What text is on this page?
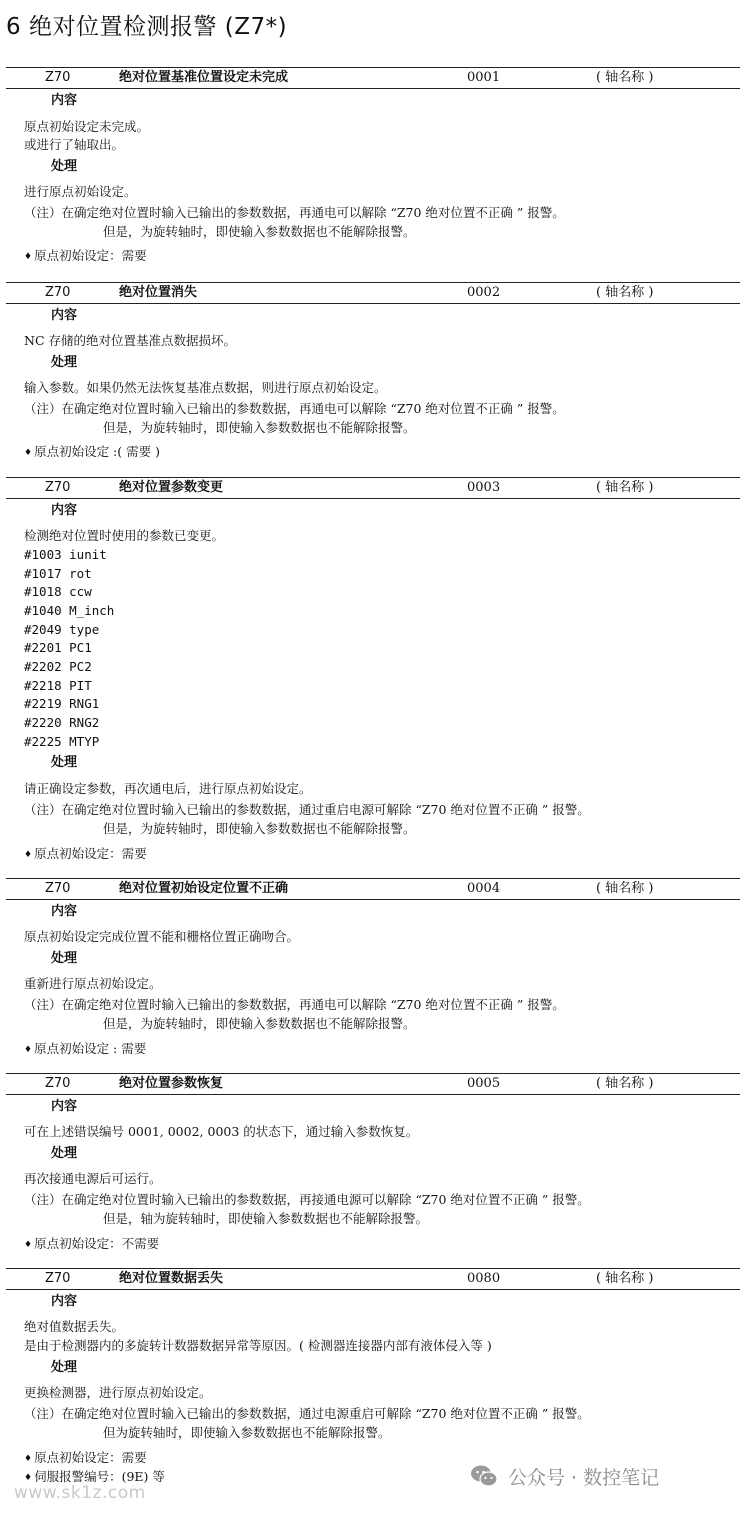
6 绝对位置检测报警 (Z7*)
Z70	绝对位置基准位置设定未完成	0001	( 轴名称 )
内容
原点初始设定未完成。
或进行了轴取出。
处理
进行原点初始设定。
（注）在确定绝对位置时输入已输出的参数数据，再通电可以解除 “Z70 绝对位置不正确 ” 报警。
但是，为旋转轴时，即使输入参数数据也不能解除报警。
♦ 原点初始设定：需要
Z70	绝对位置消失	0002	( 轴名称 )
内容
NC 存储的绝对位置基准点数据损坏。
处理
输入参数。如果仍然无法恢复基准点数据，则进行原点初始设定。
（注）在确定绝对位置时输入已输出的参数数据，再通电可以解除 “Z70 绝对位置不正确 ” 报警。
但是，为旋转轴时，即使输入参数数据也不能解除报警。
♦ 原点初始设定 :( 需要 )
Z70	绝对位置参数变更	0003	( 轴名称 )
内容
检测绝对位置时使用的参数已变更。
#1003 iunit
#1017 rot
#1018 ccw
#1040 M_inch
#2049 type
#2201 PC1
#2202 PC2
#2218 PIT
#2219 RNG1
#2220 RNG2
#2225 MTYP
处理
请正确设定参数，再次通电后，进行原点初始设定。
（注）在确定绝对位置时输入已输出的参数数据，通过重启电源可解除 “Z70 绝对位置不正确 ” 报警。
但是，为旋转轴时，即使输入参数数据也不能解除报警。
♦ 原点初始设定：需要
Z70	绝对位置初始设定位置不正确	0004	( 轴名称 )
内容
原点初始设定完成位置不能和栅格位置正确吻合。
处理
重新进行原点初始设定。
（注）在确定绝对位置时输入已输出的参数数据，再通电可以解除 “Z70 绝对位置不正确 ” 报警。
但是，为旋转轴时，即使输入参数数据也不能解除报警。
♦ 原点初始设定 : 需要
Z70	绝对位置参数恢复	0005	( 轴名称 )
内容
可在上述错误编号 0001, 0002, 0003 的状态下，通过输入参数恢复。
处理
再次接通电源后可运行。
（注）在确定绝对位置时输入已输出的参数数据，再接通电源可以解除 “Z70 绝对位置不正确 ” 报警。
但是，轴为旋转轴时，即使输入参数数据也不能解除报警。
♦ 原点初始设定：不需要
Z70	绝对位置数据丢失	0080	( 轴名称 )
内容
绝对值数据丢失。
是由于检测器内的多旋转计数器数据异常等原因。( 检测器连接器内部有液体侵入等 )
处理
更换检测器，进行原点初始设定。
（注）在确定绝对位置时输入已输出的参数数据，通过电源重启可解除 “Z70 绝对位置不正确 ” 报警。
但为旋转轴时，即使输入参数数据也不能解除报警。
♦ 原点初始设定：需要
♦ 伺服报警编号：(9E) 等
www.sk1z.com
公众号 · 数控笔记
